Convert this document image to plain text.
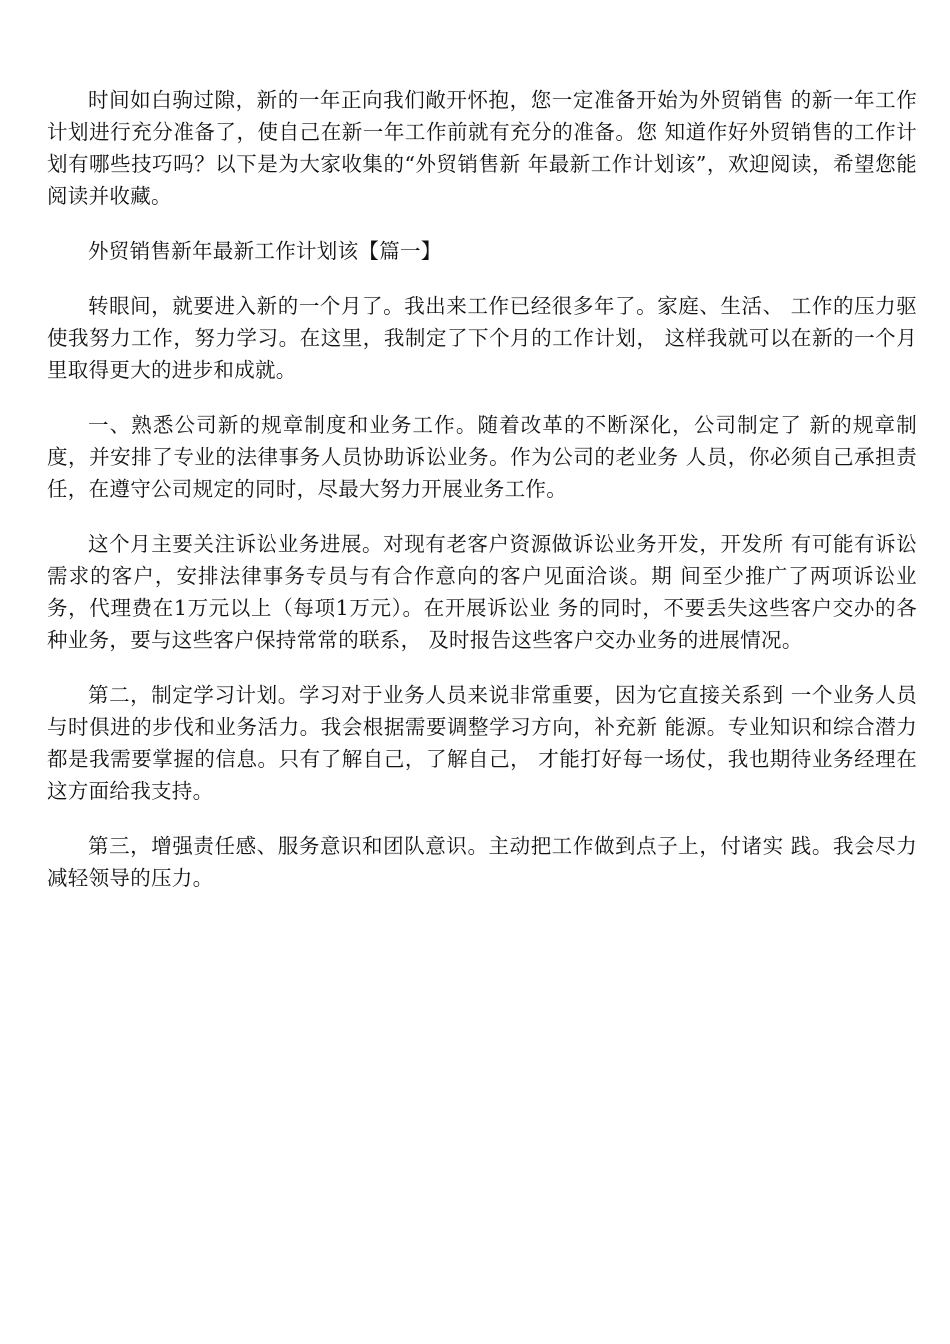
时间如白驹过隙，新的一年正向我们敞开怀抱，您一定准备开始为外贸销售 的新一年工作计划进行充分准备了，使自己在新一年工作前就有充分的准备。您 知道作好外贸销售的工作计划有哪些技巧吗？以下是为大家收集的“外贸销售新 年最新工作计划该”，欢迎阅读，希望您能阅读并收藏。

外贸销售新年最新工作计划该【篇一】

转眼间，就要进入新的一个月了。我出来工作已经很多年了。家庭、生活、 工作的压力驱使我努力工作，努力学习。在这里，我制定了下个月的工作计划， 这样我就可以在新的一个月里取得更大的进步和成就。

一、熟悉公司新的规章制度和业务工作。随着改革的不断深化，公司制定了 新的规章制度，并安排了专业的法律事务人员协助诉讼业务。作为公司的老业务 人员，你必须自己承担责任，在遵守公司规定的同时，尽最大努力开展业务工作。

这个月主要关注诉讼业务进展。对现有老客户资源做诉讼业务开发，开发所 有可能有诉讼需求的客户，安排法律事务专员与有合作意向的客户见面洽谈。期 间至少推广了两项诉讼业务，代理费在1万元以上（每项1万元）。在开展诉讼业 务的同时，不要丢失这些客户交办的各种业务，要与这些客户保持常常的联系， 及时报告这些客户交办业务的进展情况。

第二，制定学习计划。学习对于业务人员来说非常重要，因为它直接关系到 一个业务人员与时俱进的步伐和业务活力。我会根据需要调整学习方向，补充新 能源。专业知识和综合潜力都是我需要掌握的信息。只有了解自己，了解自己， 才能打好每一场仗，我也期待业务经理在这方面给我支持。

第三，增强责任感、服务意识和团队意识。主动把工作做到点子上，付诸实 践。我会尽力减轻领导的压力。
